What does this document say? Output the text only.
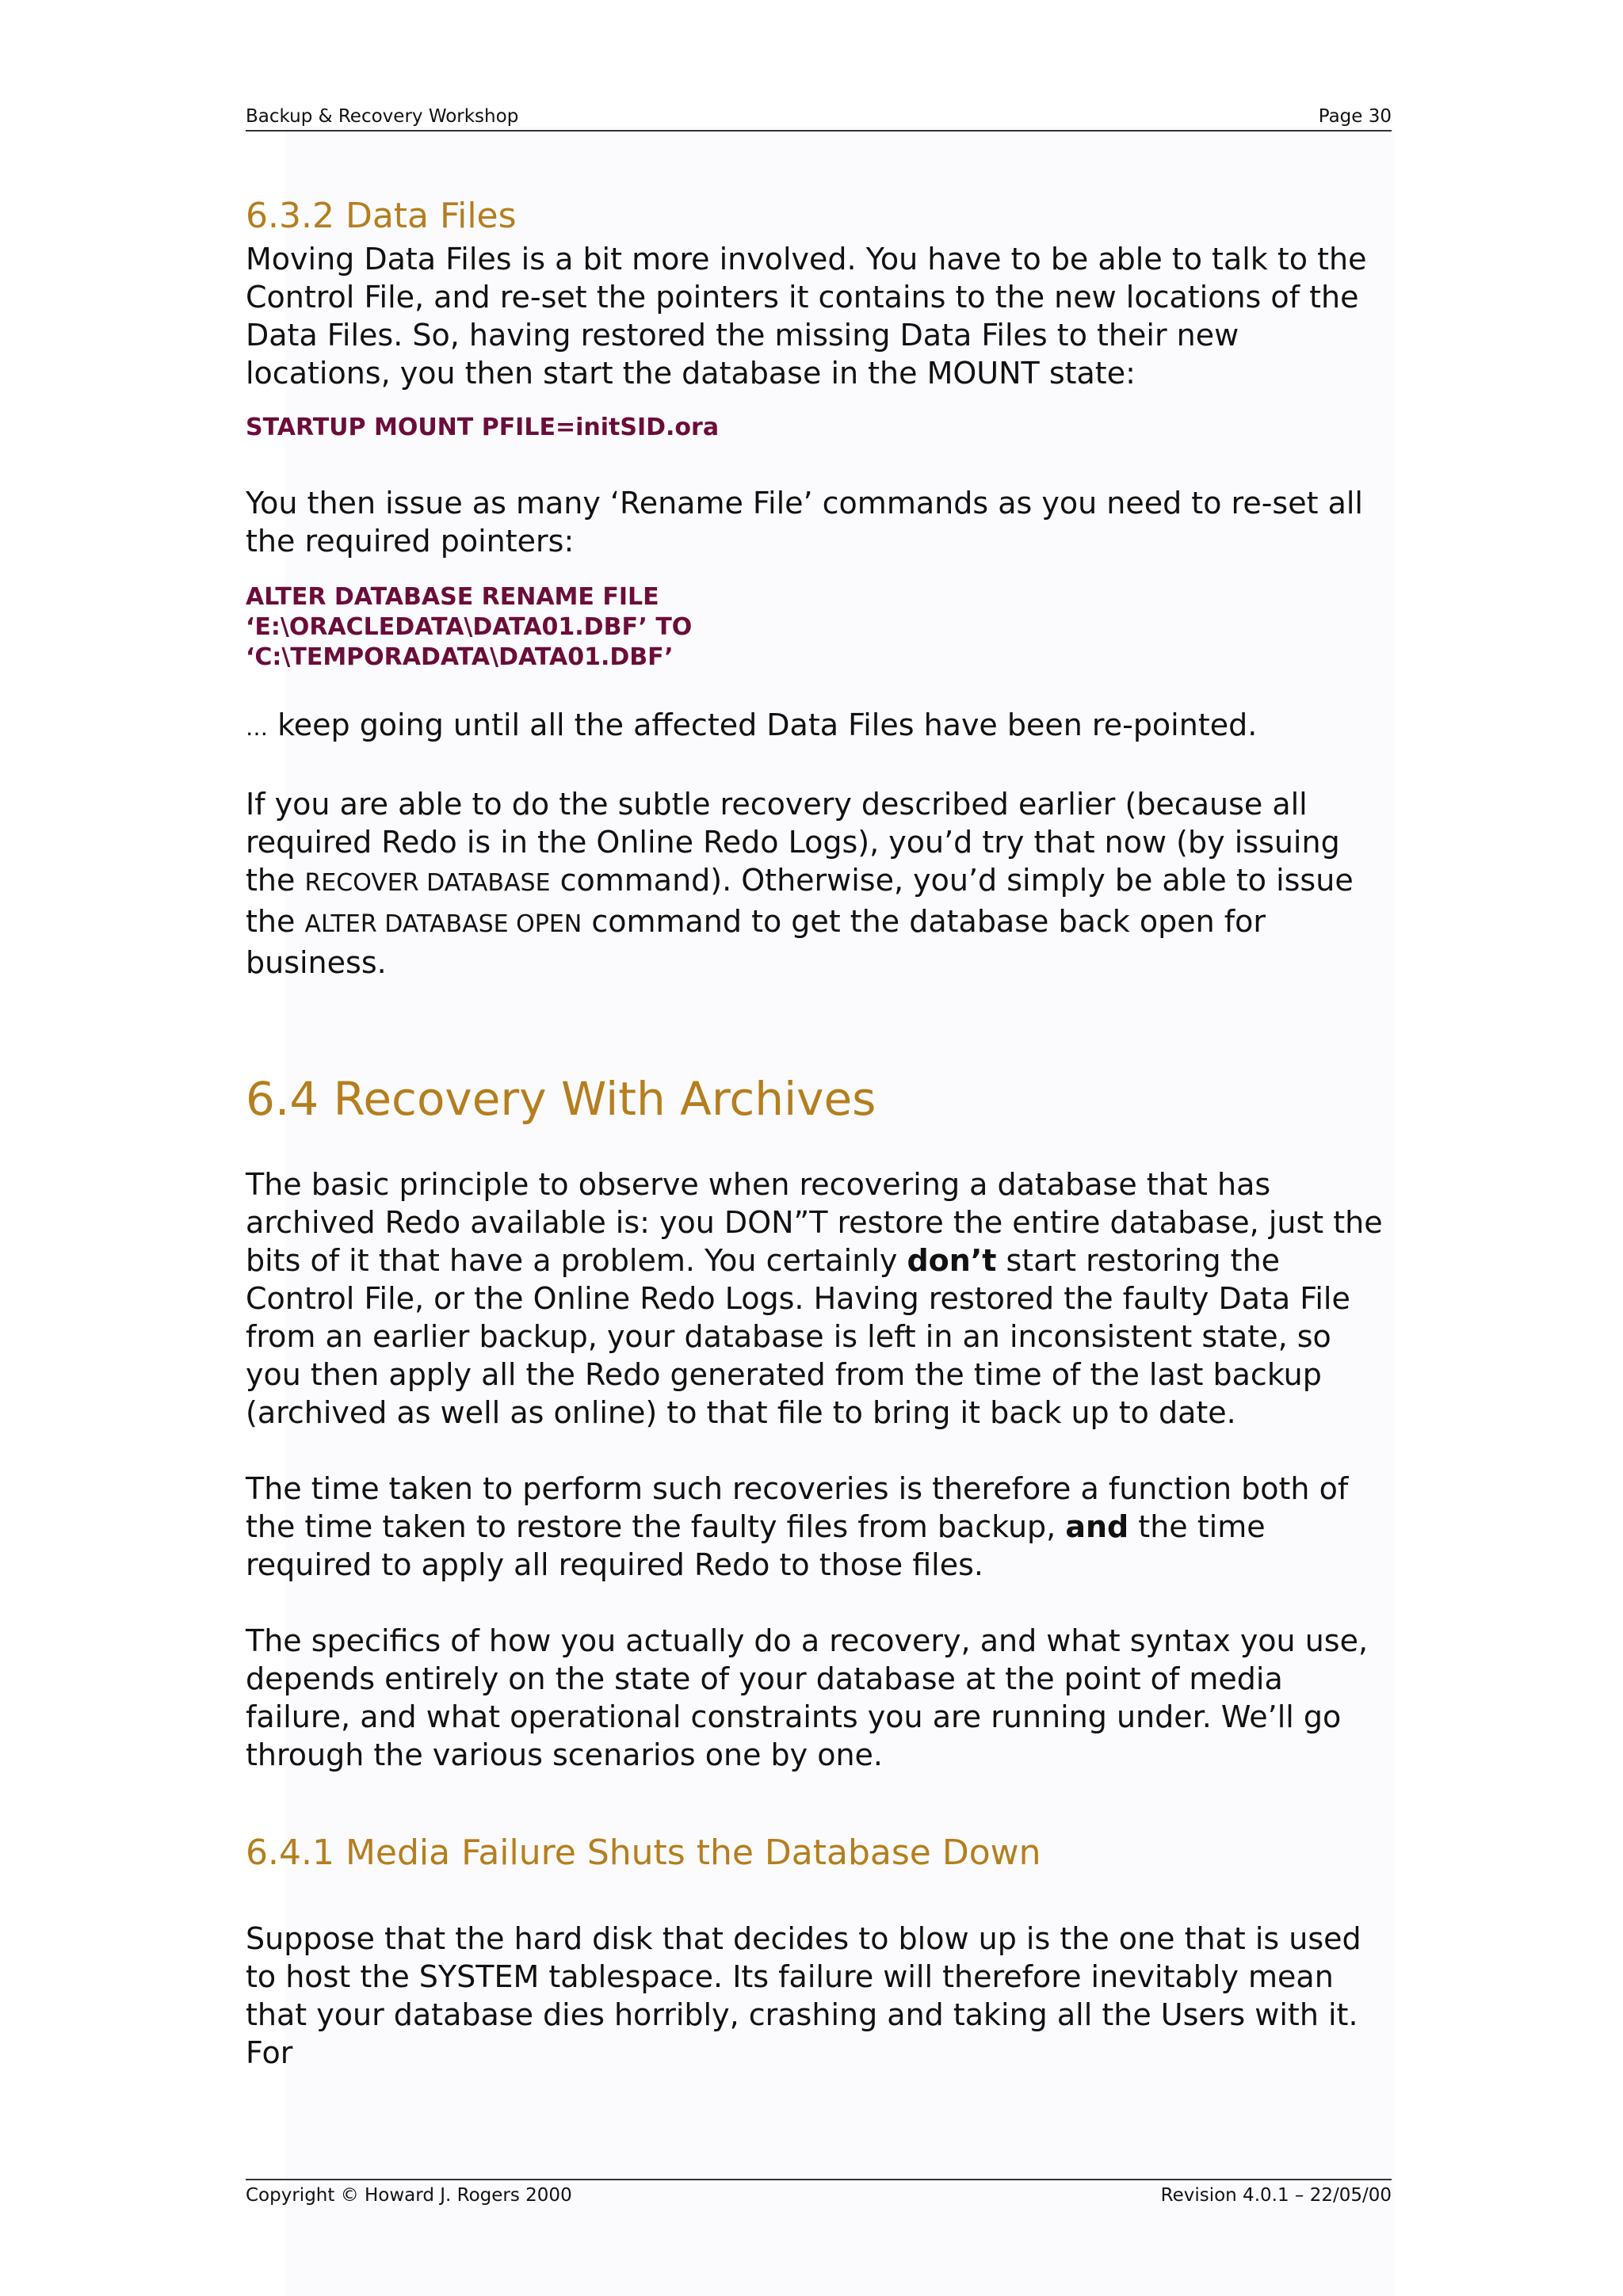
Backup & Recovery Workshop	Page 30
6.3.2 Data Files

Moving Data Files is a bit more involved. You have to be able to talk to the Control File, and re-set the pointers it contains to the new locations of the Data Files. So, having restored the missing Data Files to their new locations, you then start the database in the MOUNT state:

STARTUP MOUNT PFILE=initSID.ora

You then issue as many ‘Rename File’ commands as you need to re-set all the required pointers:

ALTER DATABASE RENAME FILE

‘E:\ORACLEDATA\DATA01.DBF’ TO

‘C:\TEMPORADATA\DATA01.DBF’

… keep going until all the affected Data Files have been re-pointed.

If you are able to do the subtle recovery described earlier (because all required Redo is in the Online Redo Logs), you’d try that now (by issuing the RECOVER DATABASE command). Otherwise, you’d simply be able to issue the ALTER DATABASE OPEN command to get the database back open for business.

6.4 Recovery With Archives

The basic principle to observe when recovering a database that has archived Redo available is: you DON”T restore the entire database, just the bits of it that have a problem. You certainly don’t start restoring the Control File, or the Online Redo Logs. Having restored the faulty Data File from an earlier backup, your database is left in an inconsistent state, so you then apply all the Redo generated from the time of the last backup (archived as well as online) to that file to bring it back up to date.

The time taken to perform such recoveries is therefore a function both of the time taken to restore the faulty files from backup, and the time required to apply all required Redo to those files.

The specifics of how you actually do a recovery, and what syntax you use, depends entirely on the state of your database at the point of media failure, and what operational constraints you are running under. We’ll go through the various scenarios one by one.

6.4.1 Media Failure Shuts the Database Down

Suppose that the hard disk that decides to blow up is the one that is used to host the SYSTEM tablespace. Its failure will therefore inevitably mean that your database dies horribly, crashing and taking all the Users with it. For

Copyright © Howard J. Rogers 2000	Revision 4.0.1 – 22/05/00
